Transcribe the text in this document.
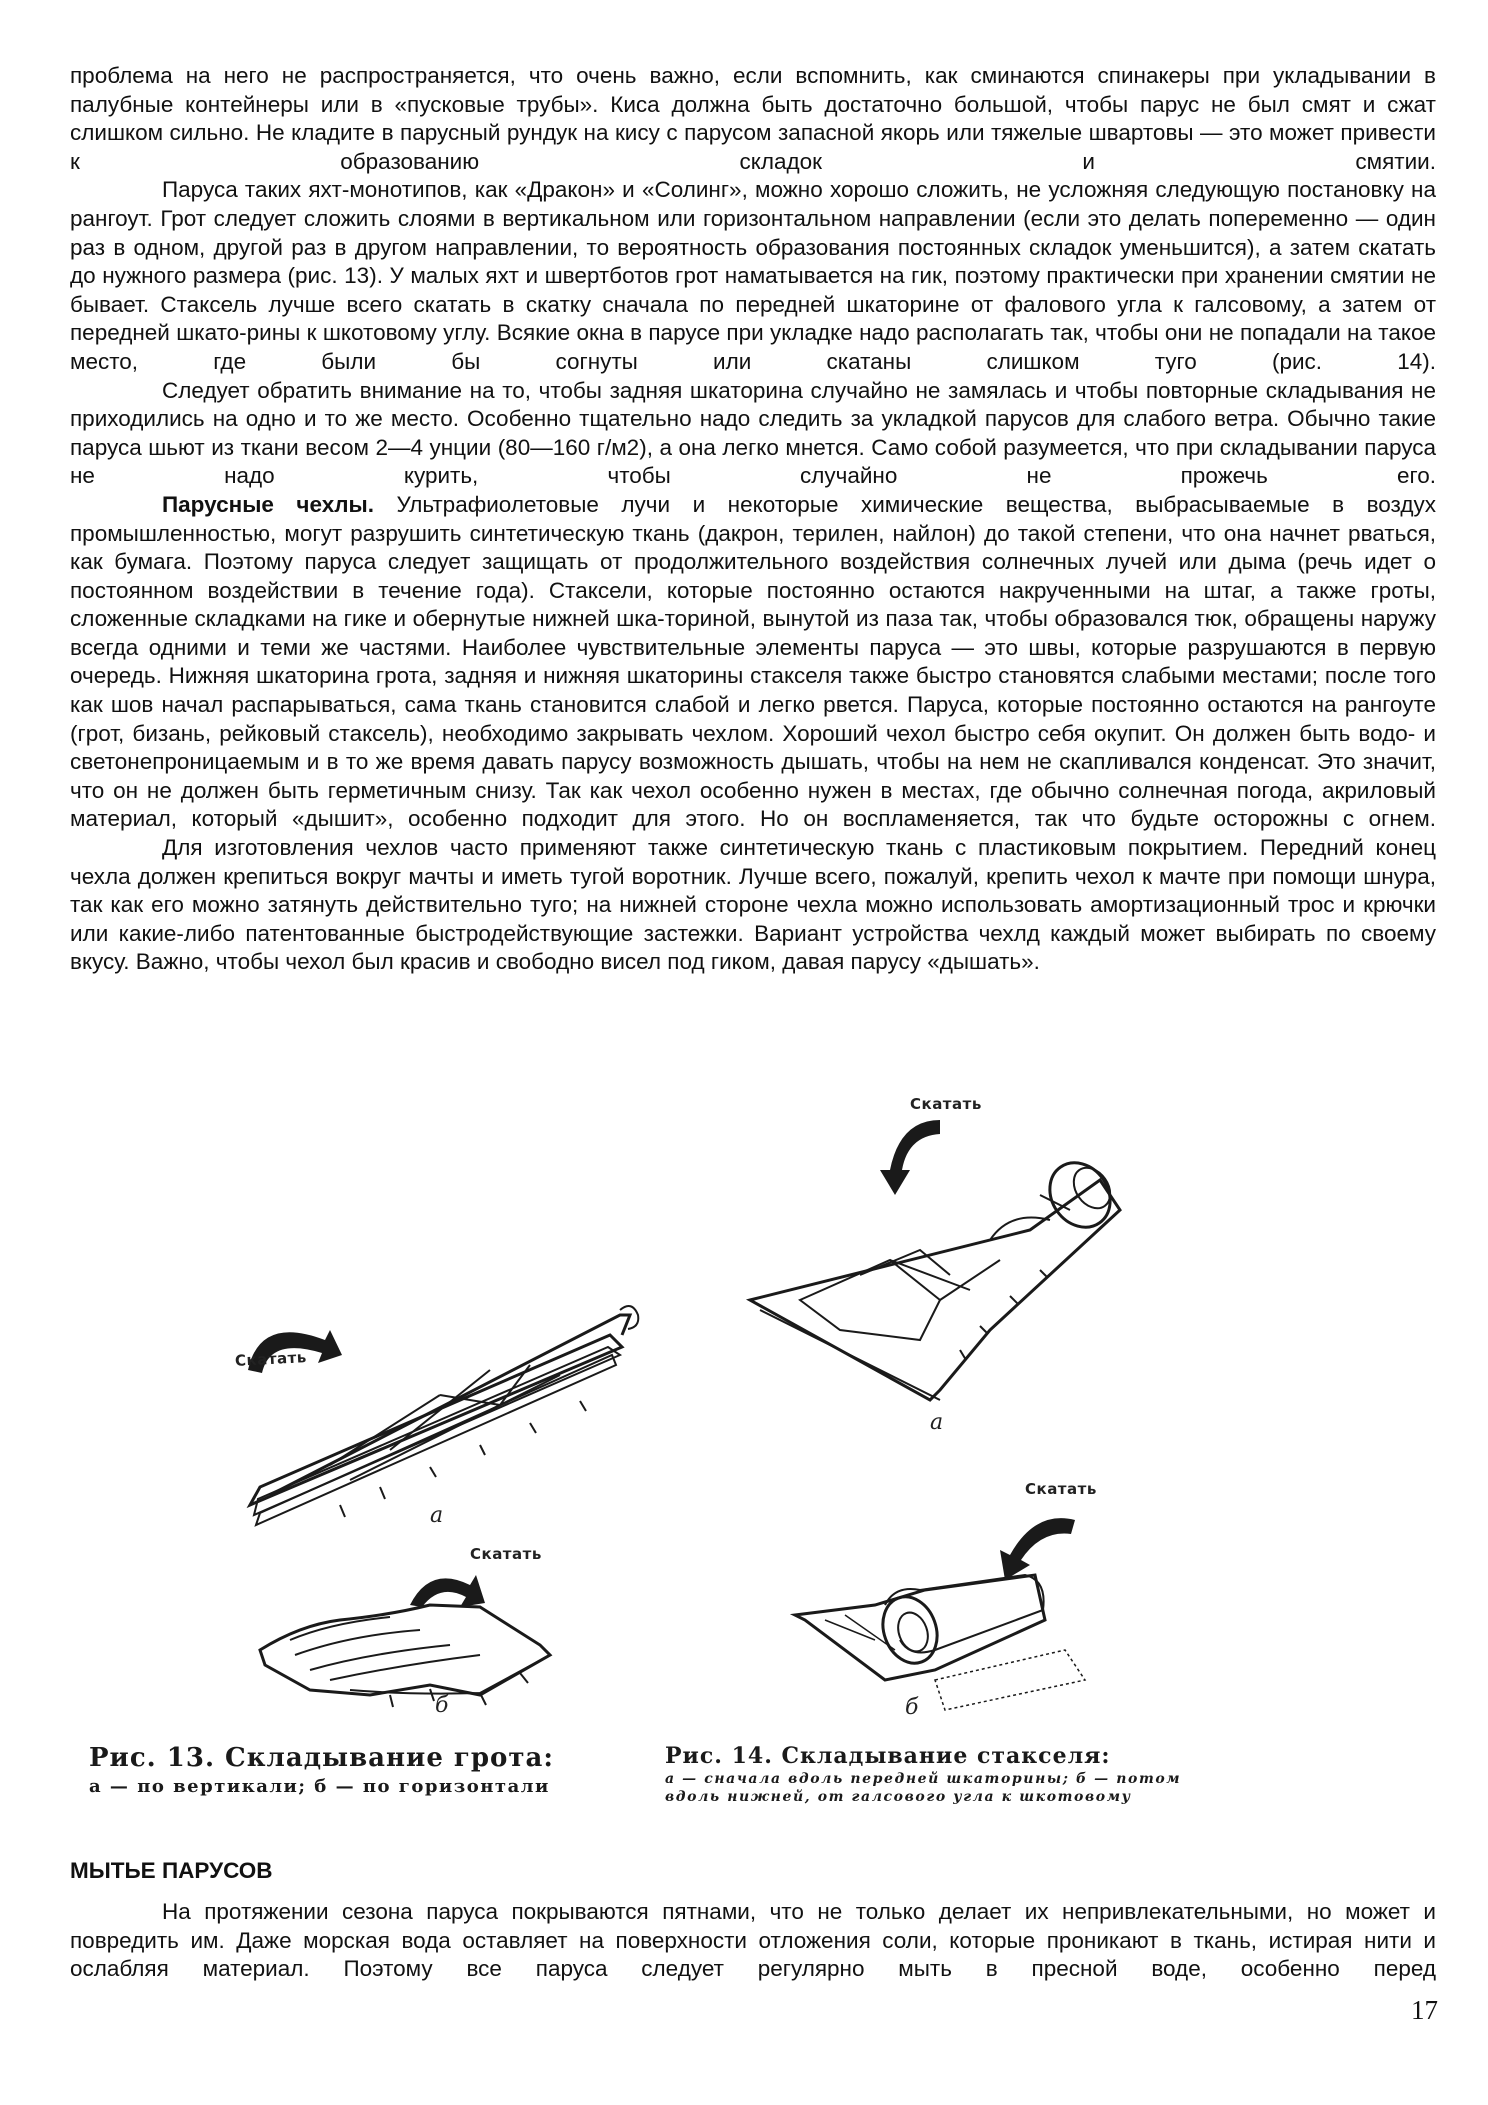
проблема на него не распространяется, что очень важно, если вспомнить, как сминаются спинакеры при укладывании в палубные контейнеры или в «пусковые трубы». Киса должна быть достаточно большой, чтобы парус не был смят и сжат слишком сильно. Не кладите в парусный рундук на кису с парусом запасной якорь или тяжелые швартовы — это может привести к образованию складок и смятии.

Паруса таких яхт-монотипов, как «Дракон» и «Солинг», можно хорошо сложить, не усложняя следующую постановку на рангоут. Грот следует сложить слоями в вертикальном или горизонтальном направлении (если это делать попеременно — один раз в одном, другой раз в другом направлении, то вероятность образования постоянных складок уменьшится), а затем скатать до нужного размера (рис. 13). У малых яхт и швертботов грот наматывается на гик, поэтому практически при хранении смятии не бывает. Стаксель лучше всего скатать в скатку сначала по передней шкаторине от фалового угла к галсовому, а затем от передней шкато-рины к шкотовому углу. Всякие окна в парусе при укладке надо располагать так, чтобы они не попадали на такое место, где были бы согнуты или скатаны слишком туго (рис. 14).

Следует обратить внимание на то, чтобы задняя шкаторина случайно не замялась и чтобы повторные складывания не приходились на одно и то же место. Особенно тщательно надо следить за укладкой парусов для слабого ветра. Обычно такие паруса шьют из ткани весом 2—4 унции (80—160 г/м2), а она легко мнется. Само собой разумеется, что при складывании паруса не надо курить, чтобы случайно не прожечь его.

Парусные чехлы. Ультрафиолетовые лучи и некоторые химические вещества, выбрасываемые в воздух промышленностью, могут разрушить синтетическую ткань (дакрон, терилен, найлон) до такой степени, что она начнет рваться, как бумага. Поэтому паруса следует защищать от продолжительного воздействия солнечных лучей или дыма (речь идет о постоянном воздействии в течение года). Стаксели, которые постоянно остаются накрученными на штаг, а также гроты, сложенные складками на гике и обернутые нижней шка-ториной, вынутой из паза так, чтобы образовался тюк, обращены наружу всегда одними и теми же частями. Наиболее чувствительные элементы паруса — это швы, которые разрушаются в первую очередь. Нижняя шкаторина грота, задняя и нижняя шкаторины стакселя также быстро становятся слабыми местами; после того как шов начал распарываться, сама ткань становится слабой и легко рвется. Паруса, которые постоянно остаются на рангоуте (грот, бизань, рейковый стаксель), необходимо закрывать чехлом. Хороший чехол быстро себя окупит. Он должен быть водо- и светонепроницаемым и в то же время давать парусу возможность дышать, чтобы на нем не скапливался конденсат. Это значит, что он не должен быть герметичным снизу. Так как чехол особенно нужен в местах, где обычно солнечная погода, акриловый материал, который «дышит», особенно подходит для этого. Но он воспламеняется, так что будьте осторожны с огнем.

Для изготовления чехлов часто применяют также синтетическую ткань с пластиковым покрытием. Передний конец чехла должен крепиться вокруг мачты и иметь тугой воротник. Лучше всего, пожалуй, крепить чехол к мачте при помощи шнура, так как его можно затянуть действительно туго; на нижней стороне чехла можно использовать амортизационный трос и крючки или какие-либо патентованные быстродействующие застежки. Вариант устройства чехлд каждый может выбирать по своему вкусу. Важно, чтобы чехол был красив и свободно висел под гиком, давая парусу «дышать».

Скатать
а
Скатать
б
Скатать
а
Скатать
б
Рис. 13. Складывание грота:
а — по вертикали; б — по горизонтали
Рис. 14. Складывание стакселя:
а — сначала вдоль передней шкаторины; б — потом
вдоль нижней, от галсового угла к шкотовому
МЫТЬЕ ПАРУСОВ

На протяжении сезона паруса покрываются пятнами, что не только делает их непривлекательными, но может и повредить им. Даже морская вода оставляет на поверхности отложения соли, которые проникают в ткань, истирая нити и ослабляя материал. Поэтому все паруса следует регулярно мыть в пресной воде, особенно перед

17
